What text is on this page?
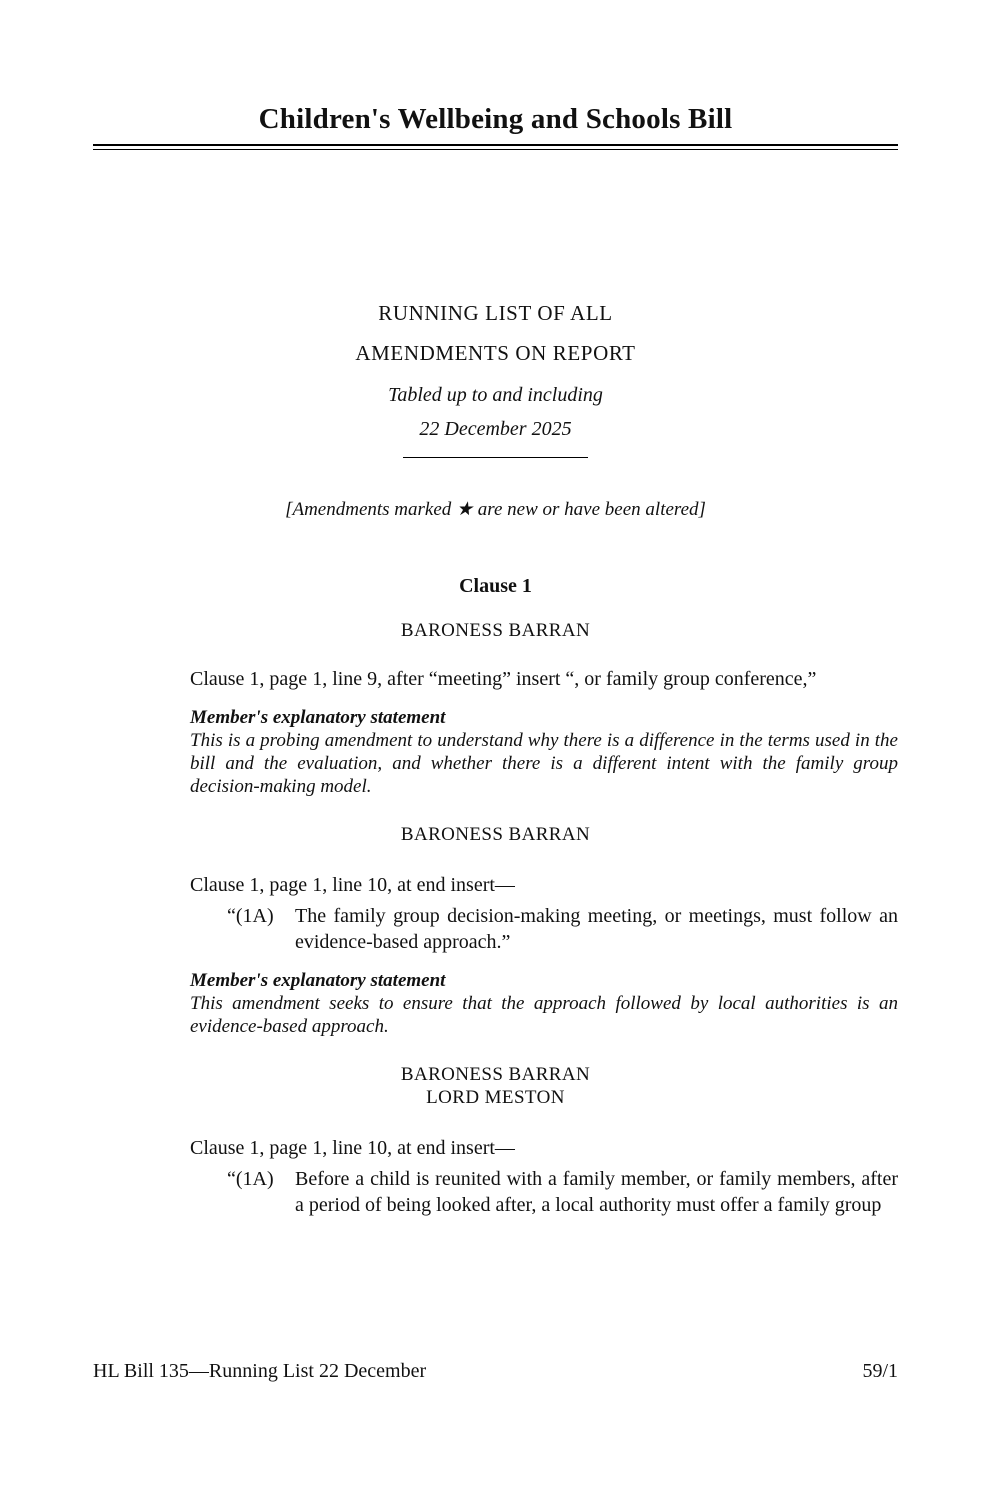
Children's Wellbeing and Schools Bill
RUNNING LIST OF ALL
AMENDMENTS ON REPORT
Tabled up to and including
22 December 2025
[Amendments marked ★ are new or have been altered]
Clause 1
BARONESS BARRAN
Clause 1, page 1, line 9, after “meeting” insert “, or family group conference,”
Member's explanatory statement
This is a probing amendment to understand why there is a difference in the terms used in the bill and the evaluation, and whether there is a different intent with the family group decision-making model.
BARONESS BARRAN
Clause 1, page 1, line 10, at end insert—
“(1A)	The family group decision-making meeting, or meetings, must follow an evidence-based approach.”
Member's explanatory statement
This amendment seeks to ensure that the approach followed by local authorities is an evidence-based approach.
BARONESS BARRAN
LORD MESTON
Clause 1, page 1, line 10, at end insert—
“(1A)	Before a child is reunited with a family member, or family members, after a period of being looked after, a local authority must offer a family group
HL Bill 135—Running List 22 December	59/1
